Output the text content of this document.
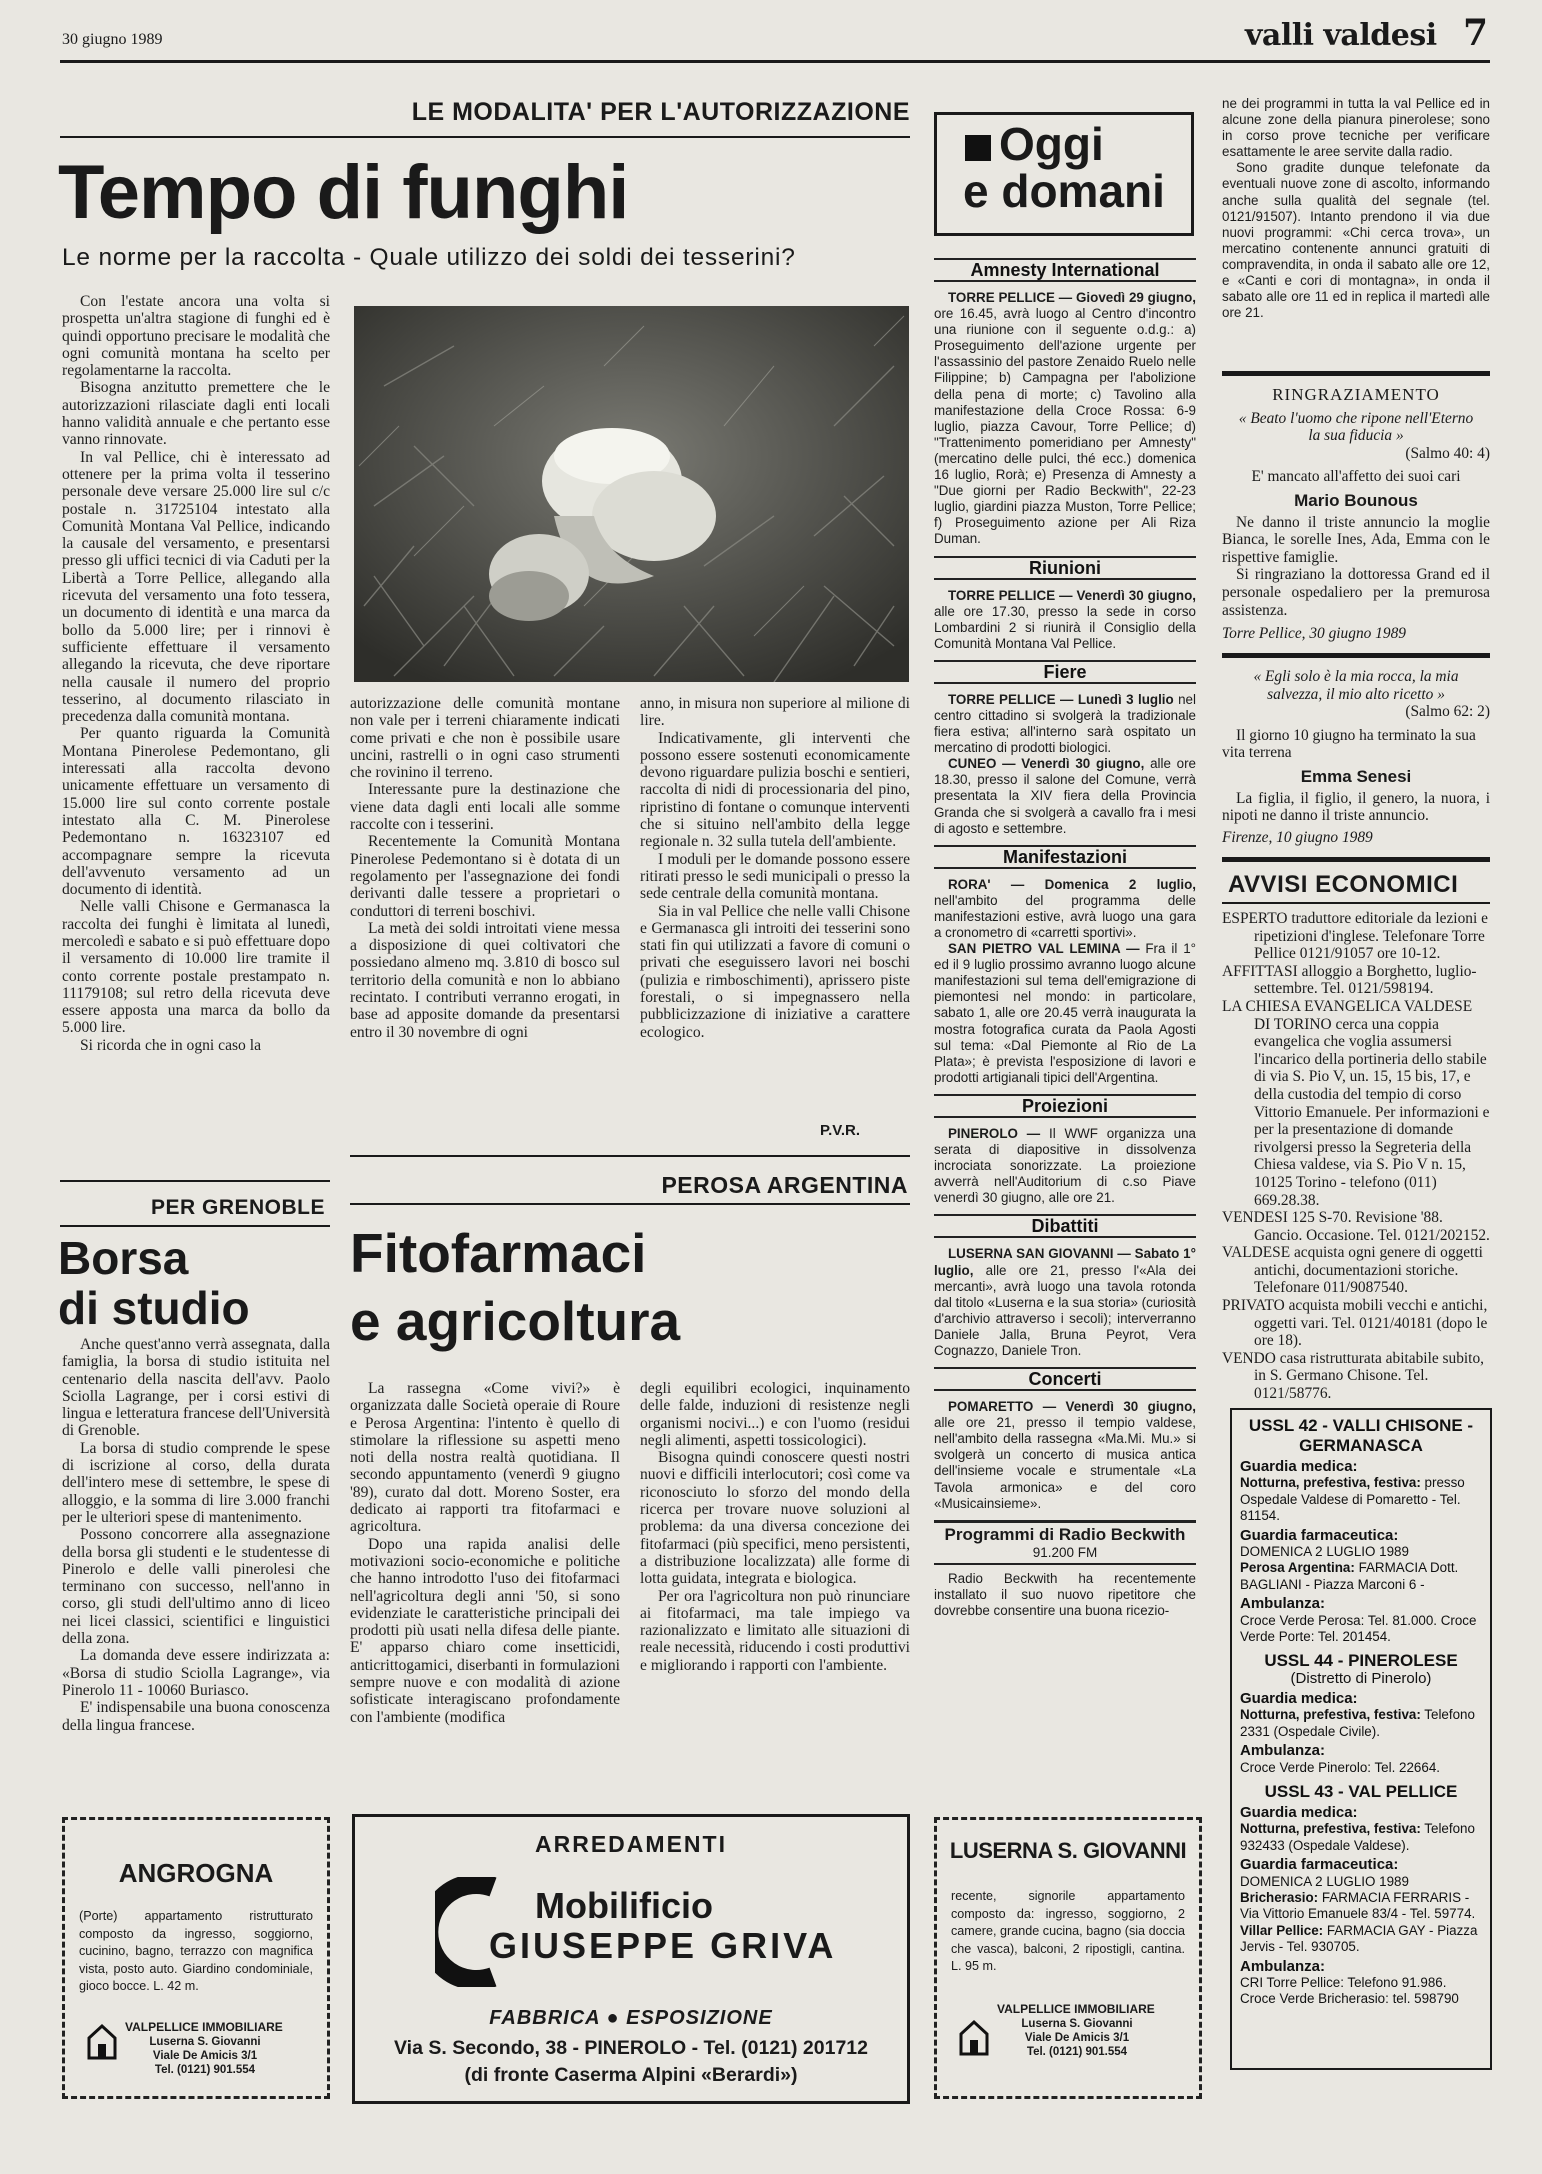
30 giugno 1989	valli valdesi 7
LE MODALITA' PER L'AUTORIZZAZIONE
Tempo di funghi
Le norme per la raccolta - Quale utilizzo dei soldi dei tesserini?

Con l'estate ancora una volta si prospetta un'altra stagione di funghi ed è quindi opportuno precisare le modalità che ogni comunità montana ha scelto per regolamentarne la raccolta.

Bisogna anzitutto premettere che le autorizzazioni rilasciate dagli enti locali hanno validità annuale e che pertanto esse vanno rinnovate.

In val Pellice, chi è interessato ad ottenere per la prima volta il tesserino personale deve versare 25.000 lire sul c/c postale n. 31725104 intestato alla Comunità Montana Val Pellice, indicando la causale del versamento, e presentarsi presso gli uffici tecnici di via Caduti per la Libertà a Torre Pellice, allegando alla ricevuta del versamento una foto tessera, un documento di identità e una marca da bollo da 5.000 lire; per i rinnovi è sufficiente effettuare il versamento allegando la ricevuta, che deve riportare nella causale il numero del proprio tesserino, al documento rilasciato in precedenza dalla comunità montana.

Per quanto riguarda la Comunità Montana Pinerolese Pedemontano, gli interessati alla raccolta devono unicamente effettuare un versamento di 15.000 lire sul conto corrente postale intestato alla C. M. Pinerolese Pedemontano n. 16323107 ed accompagnare sempre la ricevuta dell'avvenuto versamento ad un documento di identità.

Nelle valli Chisone e Germanasca la raccolta dei funghi è limitata al lunedì, mercoledì e sabato e si può effettuare dopo il versamento di 10.000 lire tramite il conto corrente postale prestampato n. 11179108; sul retro della ricevuta deve essere apposta una marca da bollo da 5.000 lire.

Si ricorda che in ogni caso la

autorizzazione delle comunità montane non vale per i terreni chiaramente indicati come privati e che non è possibile usare uncini, rastrelli o in ogni caso strumenti che rovinino il terreno.

Interessante pure la destinazione che viene data dagli enti locali alle somme raccolte con i tesserini.

Recentemente la Comunità Montana Pinerolese Pedemontano si è dotata di un regolamento per l'assegnazione dei fondi derivanti dalle tessere a proprietari o conduttori di terreni boschivi.

La metà dei soldi introitati viene messa a disposizione di quei coltivatori che possiedano almeno mq. 3.810 di bosco sul territorio della comunità e non lo abbiano recintato. I contributi verranno erogati, in base ad apposite domande da presentarsi entro il 30 novembre di ogni

anno, in misura non superiore al milione di lire.

Indicativamente, gli interventi che possono essere sostenuti economicamente devono riguardare pulizia boschi e sentieri, raccolta di nidi di processionaria del pino, ripristino di fontane o comunque interventi che si situino nell'ambito della legge regionale n. 32 sulla tutela dell'ambiente.

I moduli per le domande possono essere ritirati presso le sedi municipali o presso la sede centrale della comunità montana.

Sia in val Pellice che nelle valli Chisone e Germanasca gli introiti dei tesserini sono stati fin qui utilizzati a favore di comuni o privati che eseguissero lavori nei boschi (pulizia e rimboschimenti), aprissero piste forestali, o si impegnassero nella pubblicizzazione di iniziative a carattere ecologico.

P.V.R.
PER GRENOBLE
Borsa
di studio

Anche quest'anno verrà assegnata, dalla famiglia, la borsa di studio istituita nel centenario della nascita dell'avv. Paolo Sciolla Lagrange, per i corsi estivi di lingua e letteratura francese dell'Università di Grenoble.

La borsa di studio comprende le spese di iscrizione al corso, della durata dell'intero mese di settembre, le spese di alloggio, e la somma di lire 3.000 franchi per le ulteriori spese di mantenimento.

Possono concorrere alla assegnazione della borsa gli studenti e le studentesse di Pinerolo e delle valli pinerolesi che terminano con successo, nell'anno in corso, gli studi dell'ultimo anno di liceo nei licei classici, scientifici e linguistici della zona.

La domanda deve essere indirizzata a: «Borsa di studio Sciolla Lagrange», via Pinerolo 11 - 10060 Buriasco.

E' indispensabile una buona conoscenza della lingua francese.

PEROSA ARGENTINA
Fitofarmaci
e agricoltura

La rassegna «Come vivi?» è organizzata dalle Società operaie di Roure e Perosa Argentina: l'intento è quello di stimolare la riflessione su aspetti meno noti della nostra realtà quotidiana. Il secondo appuntamento (venerdì 9 giugno '89), curato dal dott. Moreno Soster, era dedicato ai rapporti tra fitofarmaci e agricoltura.

Dopo una rapida analisi delle motivazioni socio-economiche e politiche che hanno introdotto l'uso dei fitofarmaci nell'agricoltura degli anni '50, si sono evidenziate le caratteristiche principali dei prodotti più usati nella difesa delle piante. E' apparso chiaro come insetticidi, anticrittogamici, diserbanti in formulazioni sempre nuove e con modalità di azione sofisticate interagiscano profondamente con l'ambiente (modifica

degli equilibri ecologici, inquinamento delle falde, induzioni di resistenze negli organismi nocivi...) e con l'uomo (residui negli alimenti, aspetti tossicologici).

Bisogna quindi conoscere questi nostri nuovi e difficili interlocutori; così come va riconosciuto lo sforzo del mondo della ricerca per trovare nuove soluzioni al problema: da una diversa concezione dei fitofarmaci (più specifici, meno persistenti, a distribuzione localizzata) alle forme di lotta guidata, integrata e biologica.

Per ora l'agricoltura non può rinunciare ai fitofarmaci, ma tale impiego va razionalizzato e limitato alle situazioni di reale necessità, riducendo i costi produttivi e migliorando i rapporti con l'ambiente.

Oggi
e domani
Amnesty International

TORRE PELLICE — Giovedì 29 giugno, ore 16.45, avrà luogo al Centro d'incontro una riunione con il seguente o.d.g.: a) Proseguimento dell'azione urgente per l'assassinio del pastore Zenaido Ruelo nelle Filippine; b) Campagna per l'abolizione della pena di morte; c) Tavolino alla manifestazione della Croce Rossa: 6-9 luglio, piazza Cavour, Torre Pellice; d) "Trattenimento pomeridiano per Amnesty" (mercatino delle pulci, thé ecc.) domenica 16 luglio, Rorà; e) Presenza di Amnesty a "Due giorni per Radio Beckwith", 22-23 luglio, giardini piazza Muston, Torre Pellice; f) Proseguimento azione per Ali Riza Duman.

Riunioni

TORRE PELLICE — Venerdì 30 giugno, alle ore 17.30, presso la sede in corso Lombardini 2 si riunirà il Consiglio della Comunità Montana Val Pellice.

Fiere

TORRE PELLICE — Lunedì 3 luglio nel centro cittadino si svolgerà la tradizionale fiera estiva; all'interno sarà ospitato un mercatino di prodotti biologici.

CUNEO — Venerdì 30 giugno, alle ore 18.30, presso il salone del Comune, verrà presentata la XIV fiera della Provincia Granda che si svolgerà a cavallo fra i mesi di agosto e settembre.

Manifestazioni

RORA' — Domenica 2 luglio, nell'ambito del programma delle manifestazioni estive, avrà luogo una gara a cronometro di «carretti sportivi».

SAN PIETRO VAL LEMINA — Fra il 1° ed il 9 luglio prossimo avranno luogo alcune manifestazioni sul tema dell'emigrazione di piemontesi nel mondo: in particolare, sabato 1, alle ore 20.45 verrà inaugurata la mostra fotografica curata da Paola Agosti sul tema: «Dal Piemonte al Rio de La Plata»; è prevista l'esposizione di lavori e prodotti artigianali tipici dell'Argentina.

Proiezioni

PINEROLO — Il WWF organizza una serata di diapositive in dissolvenza incrociata sonorizzate. La proiezione avverrà nell'Auditorium di c.so Piave venerdì 30 giugno, alle ore 21.

Dibattiti

LUSERNA SAN GIOVANNI — Sabato 1° luglio, alle ore 21, presso l'«Ala dei mercanti», avrà luogo una tavola rotonda dal titolo «Luserna e la sua storia» (curiosità d'archivio attraverso i secoli); interverranno Daniele Jalla, Bruna Peyrot, Vera Cognazzo, Daniele Tron.

Concerti

POMARETTO — Venerdì 30 giugno, alle ore 21, presso il tempio valdese, nell'ambito della rassegna «Ma.Mi. Mu.» si svolgerà un concerto di musica antica dell'insieme vocale e strumentale «La Tavola armonica» e del coro «Musicainsieme».

Programmi di Radio Beckwith
91.200 FM

Radio Beckwith ha recentemente installato il suo nuovo ripetitore che dovrebbe consentire una buona ricezio-

ne dei programmi in tutta la val Pellice ed in alcune zone della pianura pinerolese; sono in corso prove tecniche per verificare esattamente le aree servite dalla radio.

Sono gradite dunque telefonate da eventuali nuove zone di ascolto, informando anche sulla qualità del segnale (tel. 0121/91507). Intanto prendono il via due nuovi programmi: «Chi cerca trova», un mercatino contenente annunci gratuiti di compravendita, in onda il sabato alle ore 12, e «Canti e cori di montagna», in onda il sabato alle ore 11 ed in replica il martedì alle ore 21.

RINGRAZIAMENTO
« Beato l'uomo che ripone nell'Eterno la sua fiducia »
(Salmo 40: 4)
E' mancato all'affetto dei suoi cari
Mario Bounous

Ne danno il triste annuncio la moglie Bianca, le sorelle Ines, Ada, Emma con le rispettive famiglie.

Si ringraziano la dottoressa Grand ed il personale ospedaliero per la premurosa assistenza.

Torre Pellice, 30 giugno 1989
« Egli solo è la mia rocca, la mia salvezza, il mio alto ricetto »
(Salmo 62: 2)
Il giorno 10 giugno ha terminato la sua vita terrena
Emma Senesi

La figlia, il figlio, il genero, la nuora, i nipoti ne danno il triste annuncio.

Firenze, 10 giugno 1989
AVVISI ECONOMICI

ESPERTO traduttore editoriale da lezioni e ripetizioni d'inglese. Telefonare Torre Pellice 0121/91057 ore 10-12.

AFFITTASI alloggio a Borghetto, luglio-settembre. Tel. 0121/598194.

LA CHIESA EVANGELICA VALDESE DI TORINO cerca una coppia evangelica che voglia assumersi l'incarico della portineria dello stabile di via S. Pio V, un. 15, 15 bis, 17, e della custodia del tempio di corso Vittorio Emanuele. Per informazioni e per la presentazione di domande rivolgersi presso la Segreteria della Chiesa valdese, via S. Pio V n. 15, 10125 Torino - telefono (011) 669.28.38.

VENDESI 125 S-70. Revisione '88. Gancio. Occasione. Tel. 0121/202152.

VALDESE acquista ogni genere di oggetti antichi, documentazioni storiche. Telefonare 011/9087540.

PRIVATO acquista mobili vecchi e antichi, oggetti vari. Tel. 0121/40181 (dopo le ore 18).

VENDO casa ristrutturata abitabile subito, in S. Germano Chisone. Tel. 0121/58776.

USSL 42 - VALLI CHISONE - GERMANASCA
Guardia medica:
Notturna, prefestiva, festiva: presso Ospedale Valdese di Pomaretto - Tel. 81154.
Guardia farmaceutica:
DOMENICA 2 LUGLIO 1989
Perosa Argentina: FARMACIA Dott. BAGLIANI - Piazza Marconi 6 -
Ambulanza:
Croce Verde Perosa: Tel. 81.000. Croce Verde Porte: Tel. 201454.
USSL 44 - PINEROLESE
(Distretto di Pinerolo)
Guardia medica:
Notturna, prefestiva, festiva: Telefono 2331 (Ospedale Civile).
Ambulanza:
Croce Verde Pinerolo: Tel. 22664.
USSL 43 - VAL PELLICE
Guardia medica:
Notturna, prefestiva, festiva: Telefono 932433 (Ospedale Valdese).
Guardia farmaceutica:
DOMENICA 2 LUGLIO 1989
Bricherasio: FARMACIA FERRARIS - Via Vittorio Emanuele 83/4 - Tel. 59774.
Villar Pellice: FARMACIA GAY - Piazza Jervis - Tel. 930705.
Ambulanza:
CRI Torre Pellice: Telefono 91.986. Croce Verde Bricherasio: tel. 598790
ANGROGNA
(Porte) appartamento ristrutturato composto da ingresso, soggiorno, cucinino, bagno, terrazzo con magnifica vista, posto auto. Giardino condominiale, gioco bocce. L. 42 m.
VALPELLICE IMMOBILIARE
Luserna S. Giovanni
Viale De Amicis 3/1
Tel. (0121) 901.554
ARREDAMENTI
Mobilificio
GIUSEPPE GRIVA
FABBRICA ● ESPOSIZIONE
Via S. Secondo, 38 - PINEROLO - Tel. (0121) 201712
(di fronte Caserma Alpini «Berardi»)
LUSERNA S. GIOVANNI
recente, signorile appartamento composto da: ingresso, soggiorno, 2 camere, grande cucina, bagno (sia doccia che vasca), balconi, 2 ripostigli, cantina. L. 95 m.
VALPELLICE IMMOBILIARE
Luserna S. Giovanni
Viale De Amicis 3/1
Tel. (0121) 901.554
